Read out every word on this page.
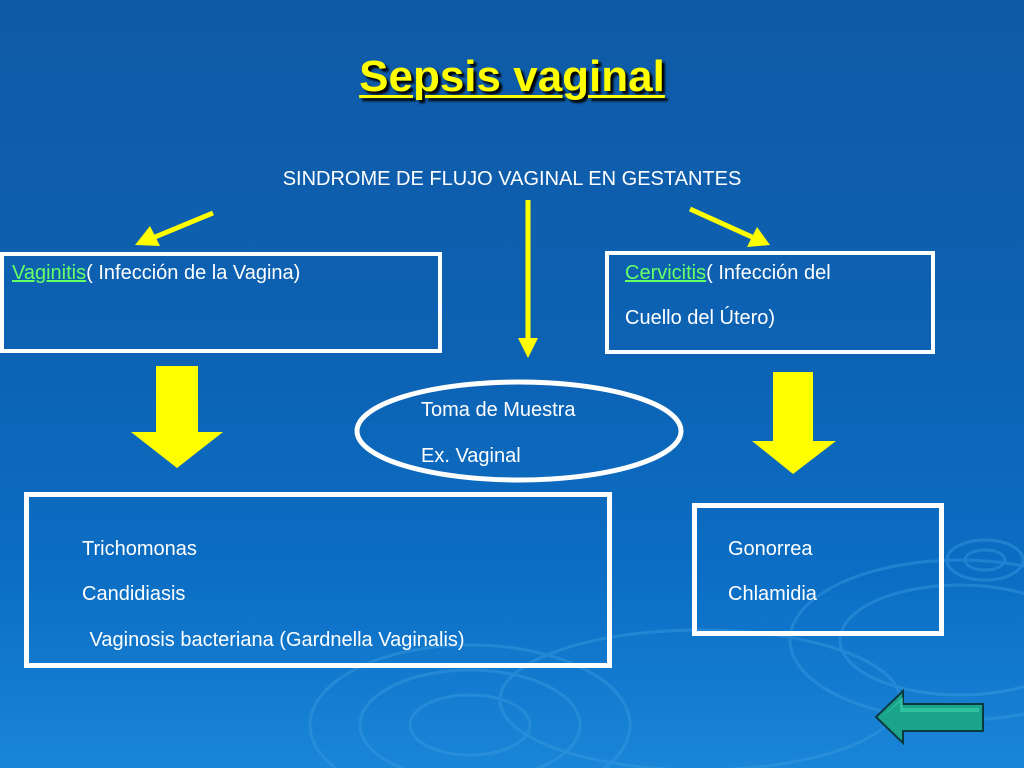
Sepsis vaginal
SINDROME DE FLUJO VAGINAL EN GESTANTES
Vaginitis( Infección de la Vagina)	Cervicitis( Infección del
Cuello del Útero)
Toma de Muestra
Ex. Vaginal
Trichomonas
Candidiasis
Vaginosis bacteriana (Gardnella Vaginalis)
Gonorrea
Chlamidia
